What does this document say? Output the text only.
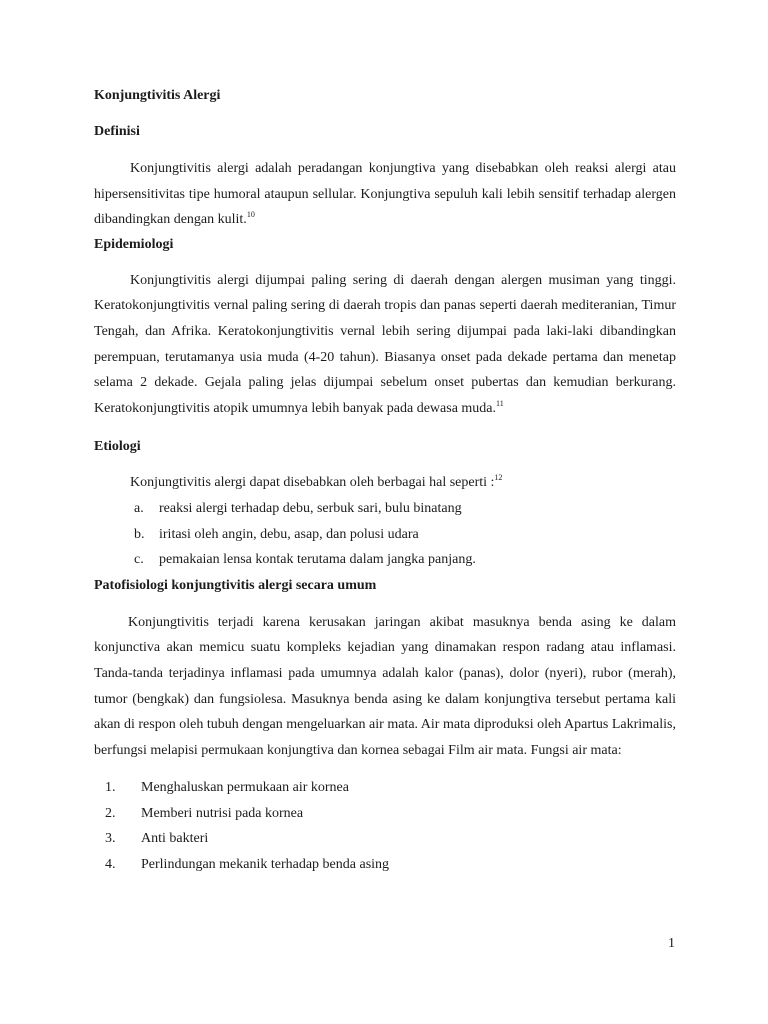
Konjungtivitis Alergi
Definisi

Konjungtivitis alergi adalah peradangan konjungtiva yang disebabkan oleh reaksi alergi atau hipersensitivitas tipe humoral ataupun sellular. Konjungtiva sepuluh kali lebih sensitif terhadap alergen dibandingkan dengan kulit.$^{10}$

Epidemiologi

Konjungtivitis alergi dijumpai paling sering di daerah dengan alergen musiman yang tinggi. Keratokonjungtivitis vernal paling sering di daerah tropis dan panas seperti daerah mediteranian, Timur Tengah, dan Afrika. Keratokonjungtivitis vernal lebih sering dijumpai pada laki-laki dibandingkan perempuan, terutamanya usia muda (4-20 tahun). Biasanya onset pada dekade pertama dan menetap selama 2 dekade. Gejala paling jelas dijumpai sebelum onset pubertas dan kemudian berkurang. Keratokonjungtivitis atopik umumnya lebih banyak pada dewasa muda.$^{11}$

Etiologi

Konjungtivitis alergi dapat disebabkan oleh berbagai hal seperti :$^{12}$

a.	reaksi alergi terhadap debu, serbuk sari, bulu binatang
b.	iritasi oleh angin, debu, asap, dan polusi udara
c.	pemakaian lensa kontak terutama dalam jangka panjang.
Patofisiologi konjungtivitis alergi secara umum

Konjungtivitis terjadi karena kerusakan jaringan akibat masuknya benda asing ke dalam konjunctiva akan memicu suatu kompleks kejadian yang dinamakan respon radang atau inflamasi. Tanda-tanda terjadinya inflamasi pada umumnya adalah kalor (panas), dolor (nyeri), rubor (merah), tumor (bengkak) dan fungsiolesa. Masuknya benda asing ke dalam konjungtiva tersebut pertama kali akan di respon oleh tubuh dengan mengeluarkan air mata. Air mata diproduksi oleh Apartus Lakrimalis, berfungsi melapisi permukaan konjungtiva dan kornea sebagai Film air mata. Fungsi air mata:

1. Menghaluskan permukaan air kornea
2. Memberi nutrisi pada kornea
3. Anti bakteri
4. Perlindungan mekanik terhadap benda asing
1
